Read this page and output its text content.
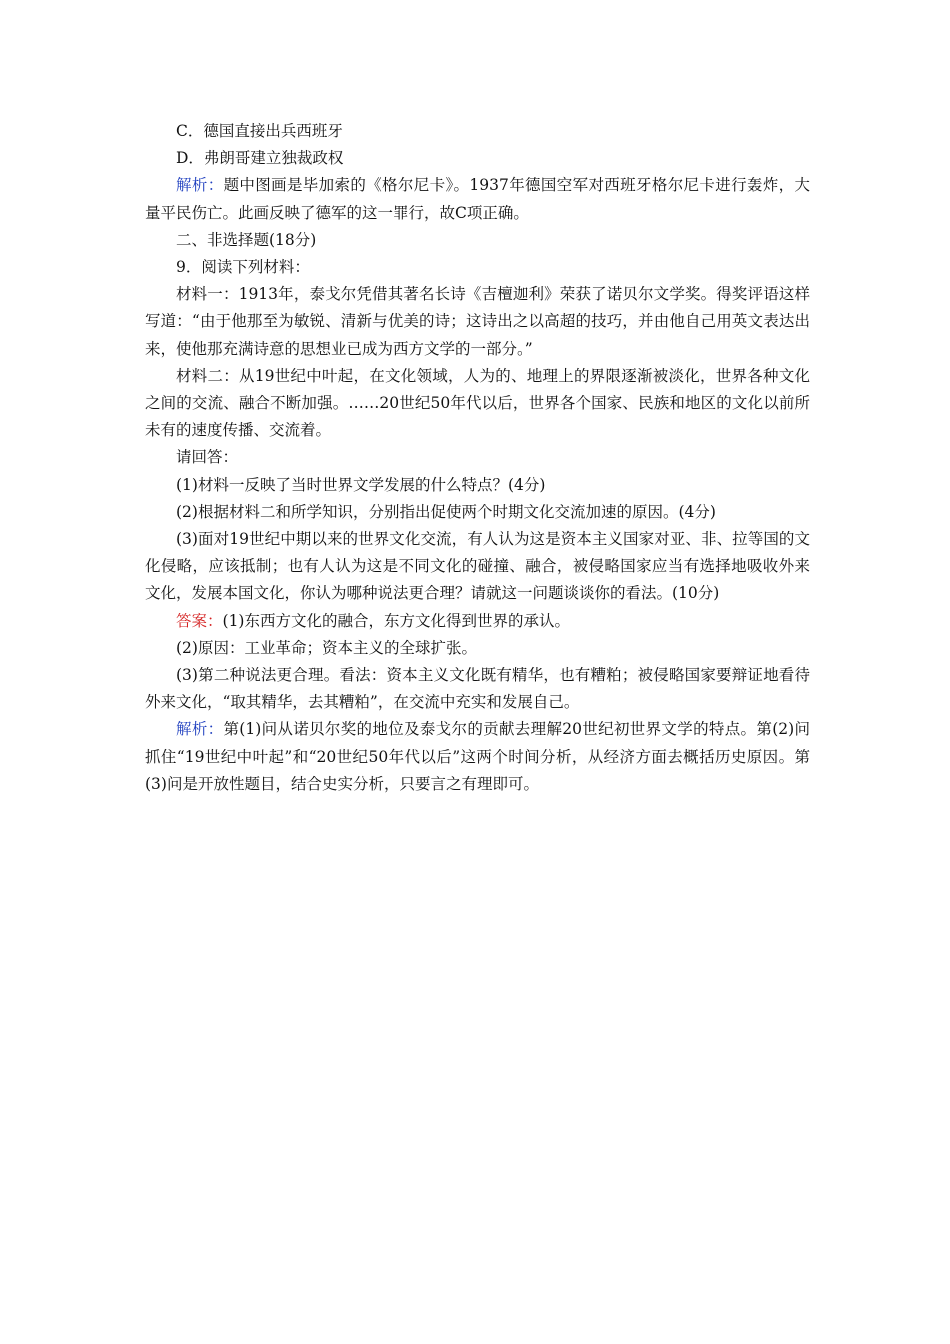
C．德国直接出兵西班牙

D．弗朗哥建立独裁政权

解析：题中图画是毕加索的《格尔尼卡》。1937年德国空军对西班牙格尔尼卡进行轰炸，大量平民伤亡。此画反映了德军的这一罪行，故C项正确。

二、非选择题(18分)

9．阅读下列材料：

材料一：1913年，泰戈尔凭借其著名长诗《吉檀迦利》荣获了诺贝尔文学奖。得奖评语这样写道：“由于他那至为敏锐、清新与优美的诗；这诗出之以高超的技巧，并由他自己用英文表达出来，使他那充满诗意的思想业已成为西方文学的一部分。”

材料二：从19世纪中叶起，在文化领域，人为的、地理上的界限逐渐被淡化，世界各种文化之间的交流、融合不断加强。……20世纪50年代以后，世界各个国家、民族和地区的文化以前所未有的速度传播、交流着。

请回答：

(1)材料一反映了当时世界文学发展的什么特点？(4分)

(2)根据材料二和所学知识，分别指出促使两个时期文化交流加速的原因。(4分)

(3)面对19世纪中期以来的世界文化交流，有人认为这是资本主义国家对亚、非、拉等国的文化侵略，应该抵制；也有人认为这是不同文化的碰撞、融合，被侵略国家应当有选择地吸收外来文化，发展本国文化，你认为哪种说法更合理？请就这一问题谈谈你的看法。(10分)

答案：(1)东西方文化的融合，东方文化得到世界的承认。

(2)原因：工业革命；资本主义的全球扩张。

(3)第二种说法更合理。看法：资本主义文化既有精华，也有糟粕；被侵略国家要辩证地看待外来文化，“取其精华，去其糟粕”，在交流中充实和发展自己。

解析：第(1)问从诺贝尔奖的地位及泰戈尔的贡献去理解20世纪初世界文学的特点。第(2)问抓住“19世纪中叶起”和“20世纪50年代以后”这两个时间分析，从经济方面去概括历史原因。第(3)问是开放性题目，结合史实分析，只要言之有理即可。
